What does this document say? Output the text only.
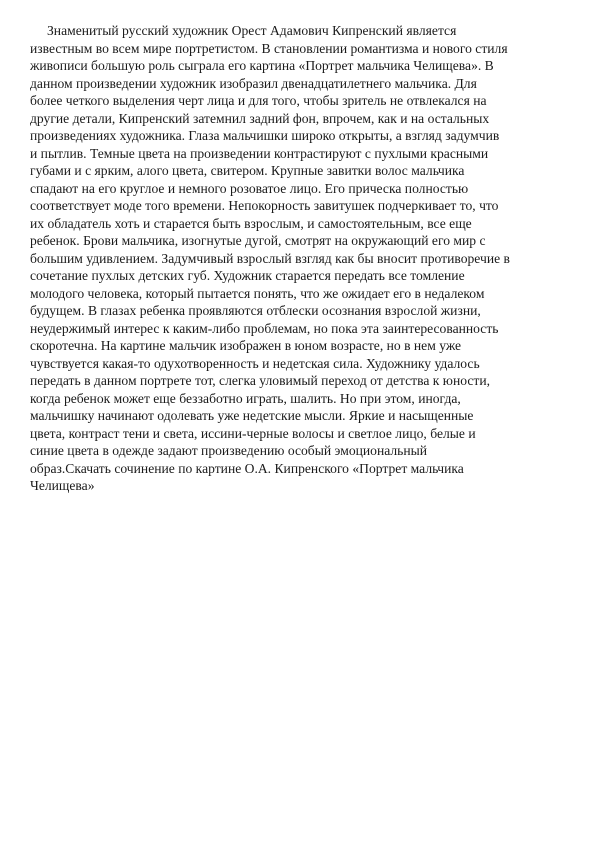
Знаменитый русский художник Орест Адамович Кипренский является
известным во всем мире портретистом. В становлении романтизма и нового стиля
живописи большую роль сыграла его картина «Портрет мальчика Челищева». В
данном произведении художник изобразил двенадцатилетнего мальчика. Для
более четкого выделения черт лица и для того, чтобы зритель не отвлекался на
другие детали, Кипренский затемнил задний фон, впрочем, как и на остальных
произведениях художника. Глаза мальчишки широко открыты, а взгляд задумчив
и пытлив. Темные цвета на произведении контрастируют с пухлыми красными
губами и с ярким, алого цвета, свитером. Крупные завитки волос мальчика
спадают на его круглое и немного розоватое лицо. Его прическа полностью
соответствует моде того времени. Непокорность завитушек подчеркивает то, что
их обладатель хоть и старается быть взрослым, и самостоятельным, все еще
ребенок. Брови мальчика, изогнутые дугой, смотрят на окружающий его мир с
большим удивлением. Задумчивый взрослый взгляд как бы вносит противоречие в
сочетание пухлых детских губ. Художник старается передать все томление
молодого человека, который пытается понять, что же ожидает его в недалеком
будущем. В глазах ребенка проявляются отблески осознания взрослой жизни,
неудержимый интерес к каким-либо проблемам, но пока эта заинтересованность
скоротечна. На картине мальчик изображен в юном возрасте, но в нем уже
чувствуется какая-то одухотворенность и недетская сила. Художнику удалось
передать в данном портрете тот, слегка уловимый переход от детства к юности,
когда ребенок может еще беззаботно играть, шалить. Но при этом, иногда,
мальчишку начинают одолевать уже недетские мысли. Яркие и насыщенные
цвета, контраст тени и света, иссини-черные волосы и светлое лицо, белые и
синие цвета в одежде задают произведению особый эмоциональный
образ.Скачать сочинение по картине О.А. Кипренского «Портрет мальчика
Челищева»
